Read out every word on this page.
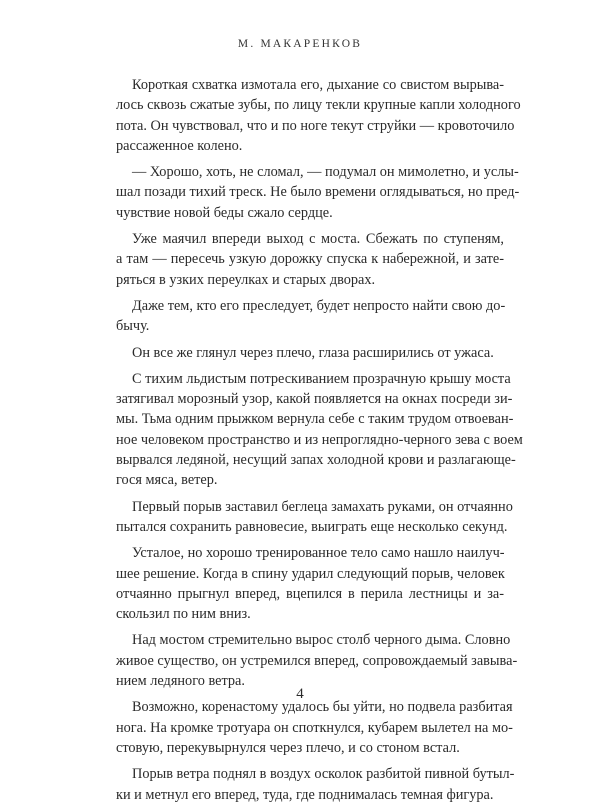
М. МАКАРЕНКОВ
Короткая схватка измотала его, дыхание со свистом вырыва-
лось сквозь сжатые зубы, по лицу текли крупные капли холодного
пота. Он чувствовал, что и по ноге текут струйки — кровоточило
рассаженное колено.
— Хорошо, хоть, не сломал, — подумал он мимолетно, и услы-
шал позади тихий треск. Не было времени оглядываться, но пред-
чувствие новой беды сжало сердце.
Уже маячил впереди выход с моста. Сбежать по ступеням,
а там — пересечь узкую дорожку спуска к набережной, и зате-
ряться в узких переулках и старых дворах.
Даже тем, кто его преследует, будет непросто найти свою до-
бычу.
Он все же глянул через плечо, глаза расширились от ужаса.
С тихим льдистым потрескиванием прозрачную крышу моста
затягивал морозный узор, какой появляется на окнах посреди зи-
мы. Тьма одним прыжком вернула себе с таким трудом отвоеван-
ное человеком пространство и из непроглядно-черного зева с воем
вырвался ледяной, несущий запах холодной крови и разлагающе-
гося мяса, ветер.
Первый порыв заставил беглеца замахать руками, он отчаянно
пытался сохранить равновесие, выиграть еще несколько секунд.
Усталое, но хорошо тренированное тело само нашло наилуч-
шее решение. Когда в спину ударил следующий порыв, человек
отчаянно прыгнул вперед, вцепился в перила лестницы и за-
скользил по ним вниз.
Над мостом стремительно вырос столб черного дыма. Словно
живое существо, он устремился вперед, сопровождаемый завыва-
нием ледяного ветра.
Возможно, коренастому удалось бы уйти, но подвела разбитая
нога. На кромке тротуара он споткнулся, кубарем вылетел на мо-
стовую, перекувырнулся через плечо, и со стоном встал.
Порыв ветра поднял в воздух осколок разбитой пивной бутыл-
ки и метнул его вперед, туда, где поднималась темная фигура.
4
